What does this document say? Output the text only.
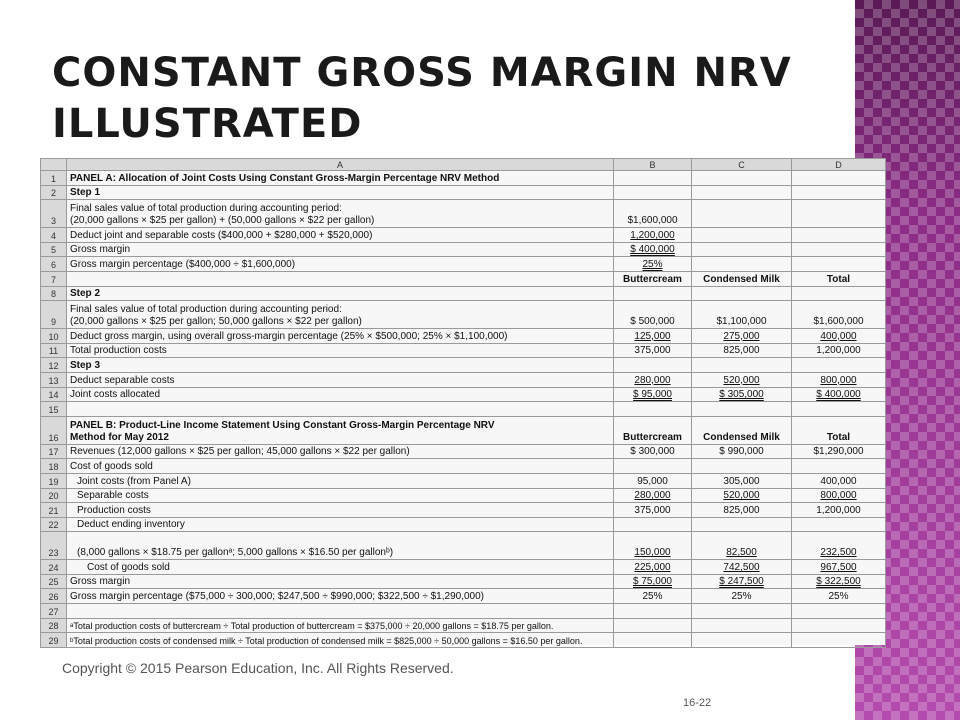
CONSTANT GROSS MARGIN NRV ILLUSTRATED
	A	B	C	D
1	PANEL A: Allocation of Joint Costs Using Constant Gross-Margin Percentage NRV Method			
2	Step 1			
3	Final sales value of total production during accounting period:
(20,000 gallons × $25 per gallon) + (50,000 gallons × $22 per gallon)	$1,600,000		
4	Deduct joint and separable costs ($400,000 + $280,000 + $520,000)	1,200,000		
5	Gross margin	$ 400,000		
6	Gross margin percentage ($400,000 ÷ $1,600,000)	25%		
7		Buttercream	Condensed Milk	Total
8	Step 2			
9	Final sales value of total production during accounting period:
(20,000 gallons × $25 per gallon; 50,000 gallons × $22 per gallon)	$ 500,000	$1,100,000	$1,600,000
10	Deduct gross margin, using overall gross-margin percentage (25% × $500,000; 25% × $1,100,000)	125,000	275,000	400,000
11	Total production costs	375,000	825,000	1,200,000
12	Step 3			
13	Deduct separable costs	280,000	520,000	800,000
14	Joint costs allocated	$ 95,000	$ 305,000	$ 400,000
15				
16	PANEL B: Product-Line Income Statement Using Constant Gross-Margin Percentage NRV
Method for May 2012	Buttercream	Condensed Milk	Total
17	Revenues (12,000 gallons × $25 per gallon; 45,000 gallons × $22 per gallon)	$ 300,000	$ 990,000	$1,290,000
18	Cost of goods sold			
19	Joint costs (from Panel A)	95,000	305,000	400,000
20	Separable costs	280,000	520,000	800,000
21	Production costs	375,000	825,000	1,200,000
22	Deduct ending inventory			
23	(8,000 gallons × $18.75 per gallonᵃ; 5,000 gallons × $16.50 per gallonᵇ)	150,000	82,500	232,500
24	Cost of goods sold	225,000	742,500	967,500
25	Gross margin	$ 75,000	$ 247,500	$ 322,500
26	Gross margin percentage ($75,000 ÷ 300,000; $247,500 ÷ $990,000; $322,500 ÷ $1,290,000)	25%	25%	25%
27				
28	ᵃTotal production costs of buttercream ÷ Total production of buttercream = $375,000 ÷ 20,000 gallons = $18.75 per gallon.			
29	ᵇTotal production costs of condensed milk ÷ Total production of condensed milk = $825,000 ÷ 50,000 gallons = $16.50 per gallon.			
Copyright © 2015 Pearson Education, Inc. All Rights Reserved.
16-22
